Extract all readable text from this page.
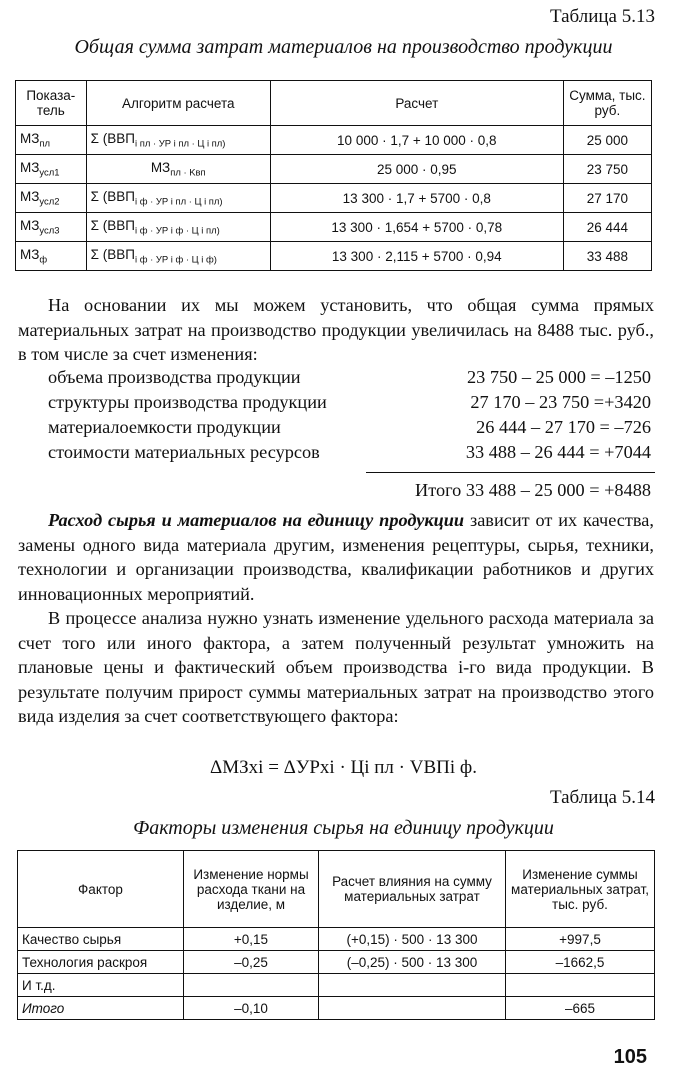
Таблица 5.13
Общая сумма затрат материалов на производство продукции
Показа-тель	Алгоритм расчета	Расчет	Сумма, тыс. руб.
$МЗ_{пл}$	Σ ($ВВП_{i пл \cdot УР i пл \cdot Ц i пл)}$	10 000 · 1,7 + 10 000 · 0,8	25 000
$МЗ_{усл1}$	$МЗ_{пл \cdot Kвп}$	25 000 · 0,95	23 750
$МЗ_{усл2}$	Σ ($ВВП_{i ф \cdot УР i пл \cdot Ц i пл)}$	13 300 · 1,7 + 5700 · 0,8	27 170
$МЗ_{усл3}$	Σ ($ВВП_{i ф \cdot УР i ф \cdot Ц i пл)}$	13 300 · 1,654 + 5700 · 0,78	26 444
$МЗ_ф$	Σ ($ВВП_{i ф \cdot УР i ф \cdot Ц i ф)}$	13 300 · 2,115 + 5700 · 0,94	33 488
На основании их мы можем установить, что общая сумма прямых материальных затрат на производство продукции увеличилась на 8488 тыс. руб., в том числе за счет изменения:
объема производства продукции	23 750 – 25 000 = –1250
структуры производства продукции	27 170 – 23 750 =+3420
материалоемкости продукции	26 444 – 27 170 = –726
стоимости материальных ресурсов	33 488 – 26 444 = +7044
Итого 33 488 – 25 000 = +8488
Расход сырья и материалов на единицу продукции зависит от их качества, замены одного вида материала другим, изменения рецептуры, сырья, техники, технологии и организации производства, квалификации работников и других инновационных мероприятий.
В процессе анализа нужно узнать изменение удельного расхода материала за счет того или иного фактора, а затем полученный результат умножить на плановые цены и фактический объем производства i-го вида продукции. В результате получим прирост суммы материальных затрат на производство этого вида изделия за счет соответствующего фактора:
ΔМЗxi = ΔУРxi · Цi пл · VВПi ф.
Таблица 5.14
Факторы изменения сырья на единицу продукции
Фактор	Изменение нормы расхода ткани на изделие, м	Расчет влияния на сумму материальных затрат	Изменение суммы материальных затрат, тыс. руб.
Качество сырья	+0,15	(+0,15) · 500 · 13 300	+997,5
Технология раскроя	–0,25	(–0,25) · 500 · 13 300	–1662,5
И т.д.			
Итого	–0,10		–665
105
